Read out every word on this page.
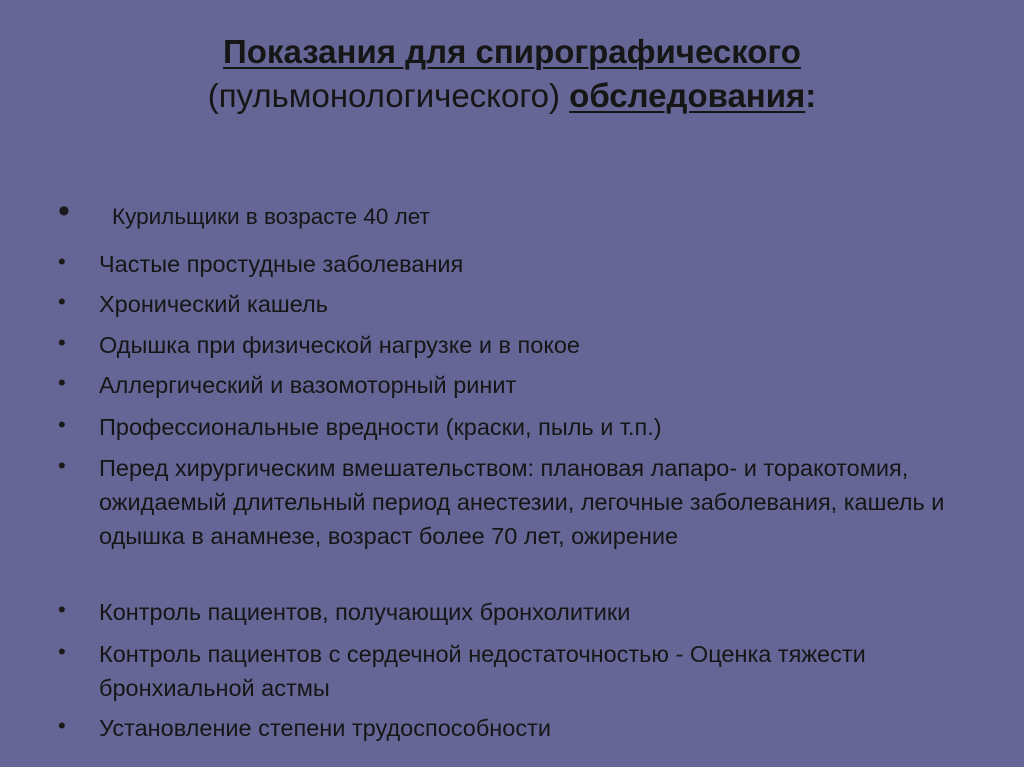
Показания для спирографического
(пульмонологического) обследования:
• Курильщики в возрасте 40 лет
• Частые простудные заболевания
• Хронический кашель
• Одышка при физической нагрузке и в покое
• Аллергический и вазомоторный ринит
• Профессиональные вредности (краски, пыль и т.п.)
• Перед хирургическим вмешательством: плановая лапаро- и торакотомия, ожидаемый длительный период анестезии, легочные заболевания, кашель и одышка в анамнезе, возраст более 70 лет, ожирение
• Контроль пациентов, получающих бронхолитики
• Контроль пациентов с сердечной недостаточностью - Оценка тяжести бронхиальной астмы
• Установление степени трудоспособности
